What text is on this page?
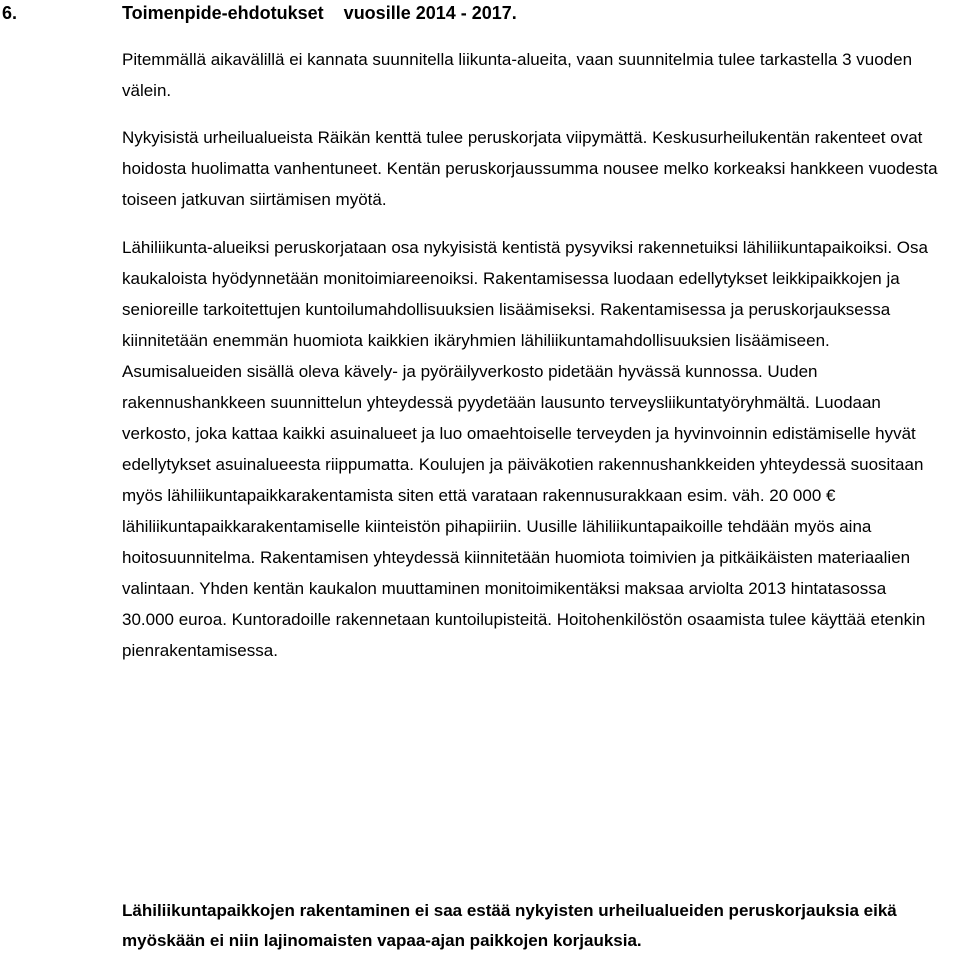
6.	Toimenpide-ehdotukset    vuosille 2014 - 2017.

Pitemmällä aikavälillä ei kannata suunnitella liikunta-alueita, vaan suunnitelmia tulee tarkastella 3 vuoden välein.

Nykyisistä urheilualueista Räikän kenttä tulee peruskorjata viipymättä. Keskusurheilukentän rakenteet ovat hoidosta huolimatta vanhentuneet. Kentän peruskorjaussumma nousee melko korkeaksi hankkeen vuodesta toiseen jatkuvan siirtämisen myötä.

Lähiliikunta-alueiksi peruskorjataan osa nykyisistä kentistä pysyviksi rakennetuiksi lähiliikuntapaikoiksi. Osa kaukaloista hyödynnetään monitoimiareenoiksi. Rakentamisessa luodaan edellytykset leikkipaikkojen ja senioreille tarkoitettujen kuntoilumahdollisuuksien lisäämiseksi. Rakentamisessa ja peruskorjauksessa kiinnitetään enemmän huomiota kaikkien ikäryhmien lähiliikuntamahdollisuuksien lisäämiseen. Asumisalueiden sisällä oleva kävely- ja pyöräilyverkosto pidetään hyvässä kunnossa. Uuden rakennushankkeen suunnittelun yhteydessä pyydetään lausunto terveysliikuntatyöryhmältä. Luodaan verkosto, joka kattaa kaikki asuinalueet ja luo omaehtoiselle terveyden ja hyvinvoinnin edistämiselle hyvät edellytykset asuinalueesta riippumatta. Koulujen ja päiväkotien rakennushankkeiden yhteydessä suositaan myös lähiliikuntapaikkarakentamista siten että varataan rakennusurakkaan esim. väh. 20 000 € lähiliikuntapaikkarakentamiselle kiinteistön pihapiiriin. Uusille lähiliikuntapaikoille tehdään myös aina hoitosuunnitelma. Rakentamisen yhteydessä kiinnitetään huomiota toimivien ja pitkäikäisten materiaalien valintaan. Yhden kentän kaukalon muuttaminen monitoimikentäksi maksaa arviolta 2013 hintatasossa 30.000 euroa. Kuntoradoille rakennetaan kuntoilupisteitä. Hoitohenkilöstön osaamista tulee käyttää etenkin pienrakentamisessa.

Lähiliikuntapaikkojen rakentaminen ei saa estää nykyisten urheilualueiden peruskorjauksia eikä myöskään ei niin lajinomaisten vapaa-ajan paikkojen korjauksia.
